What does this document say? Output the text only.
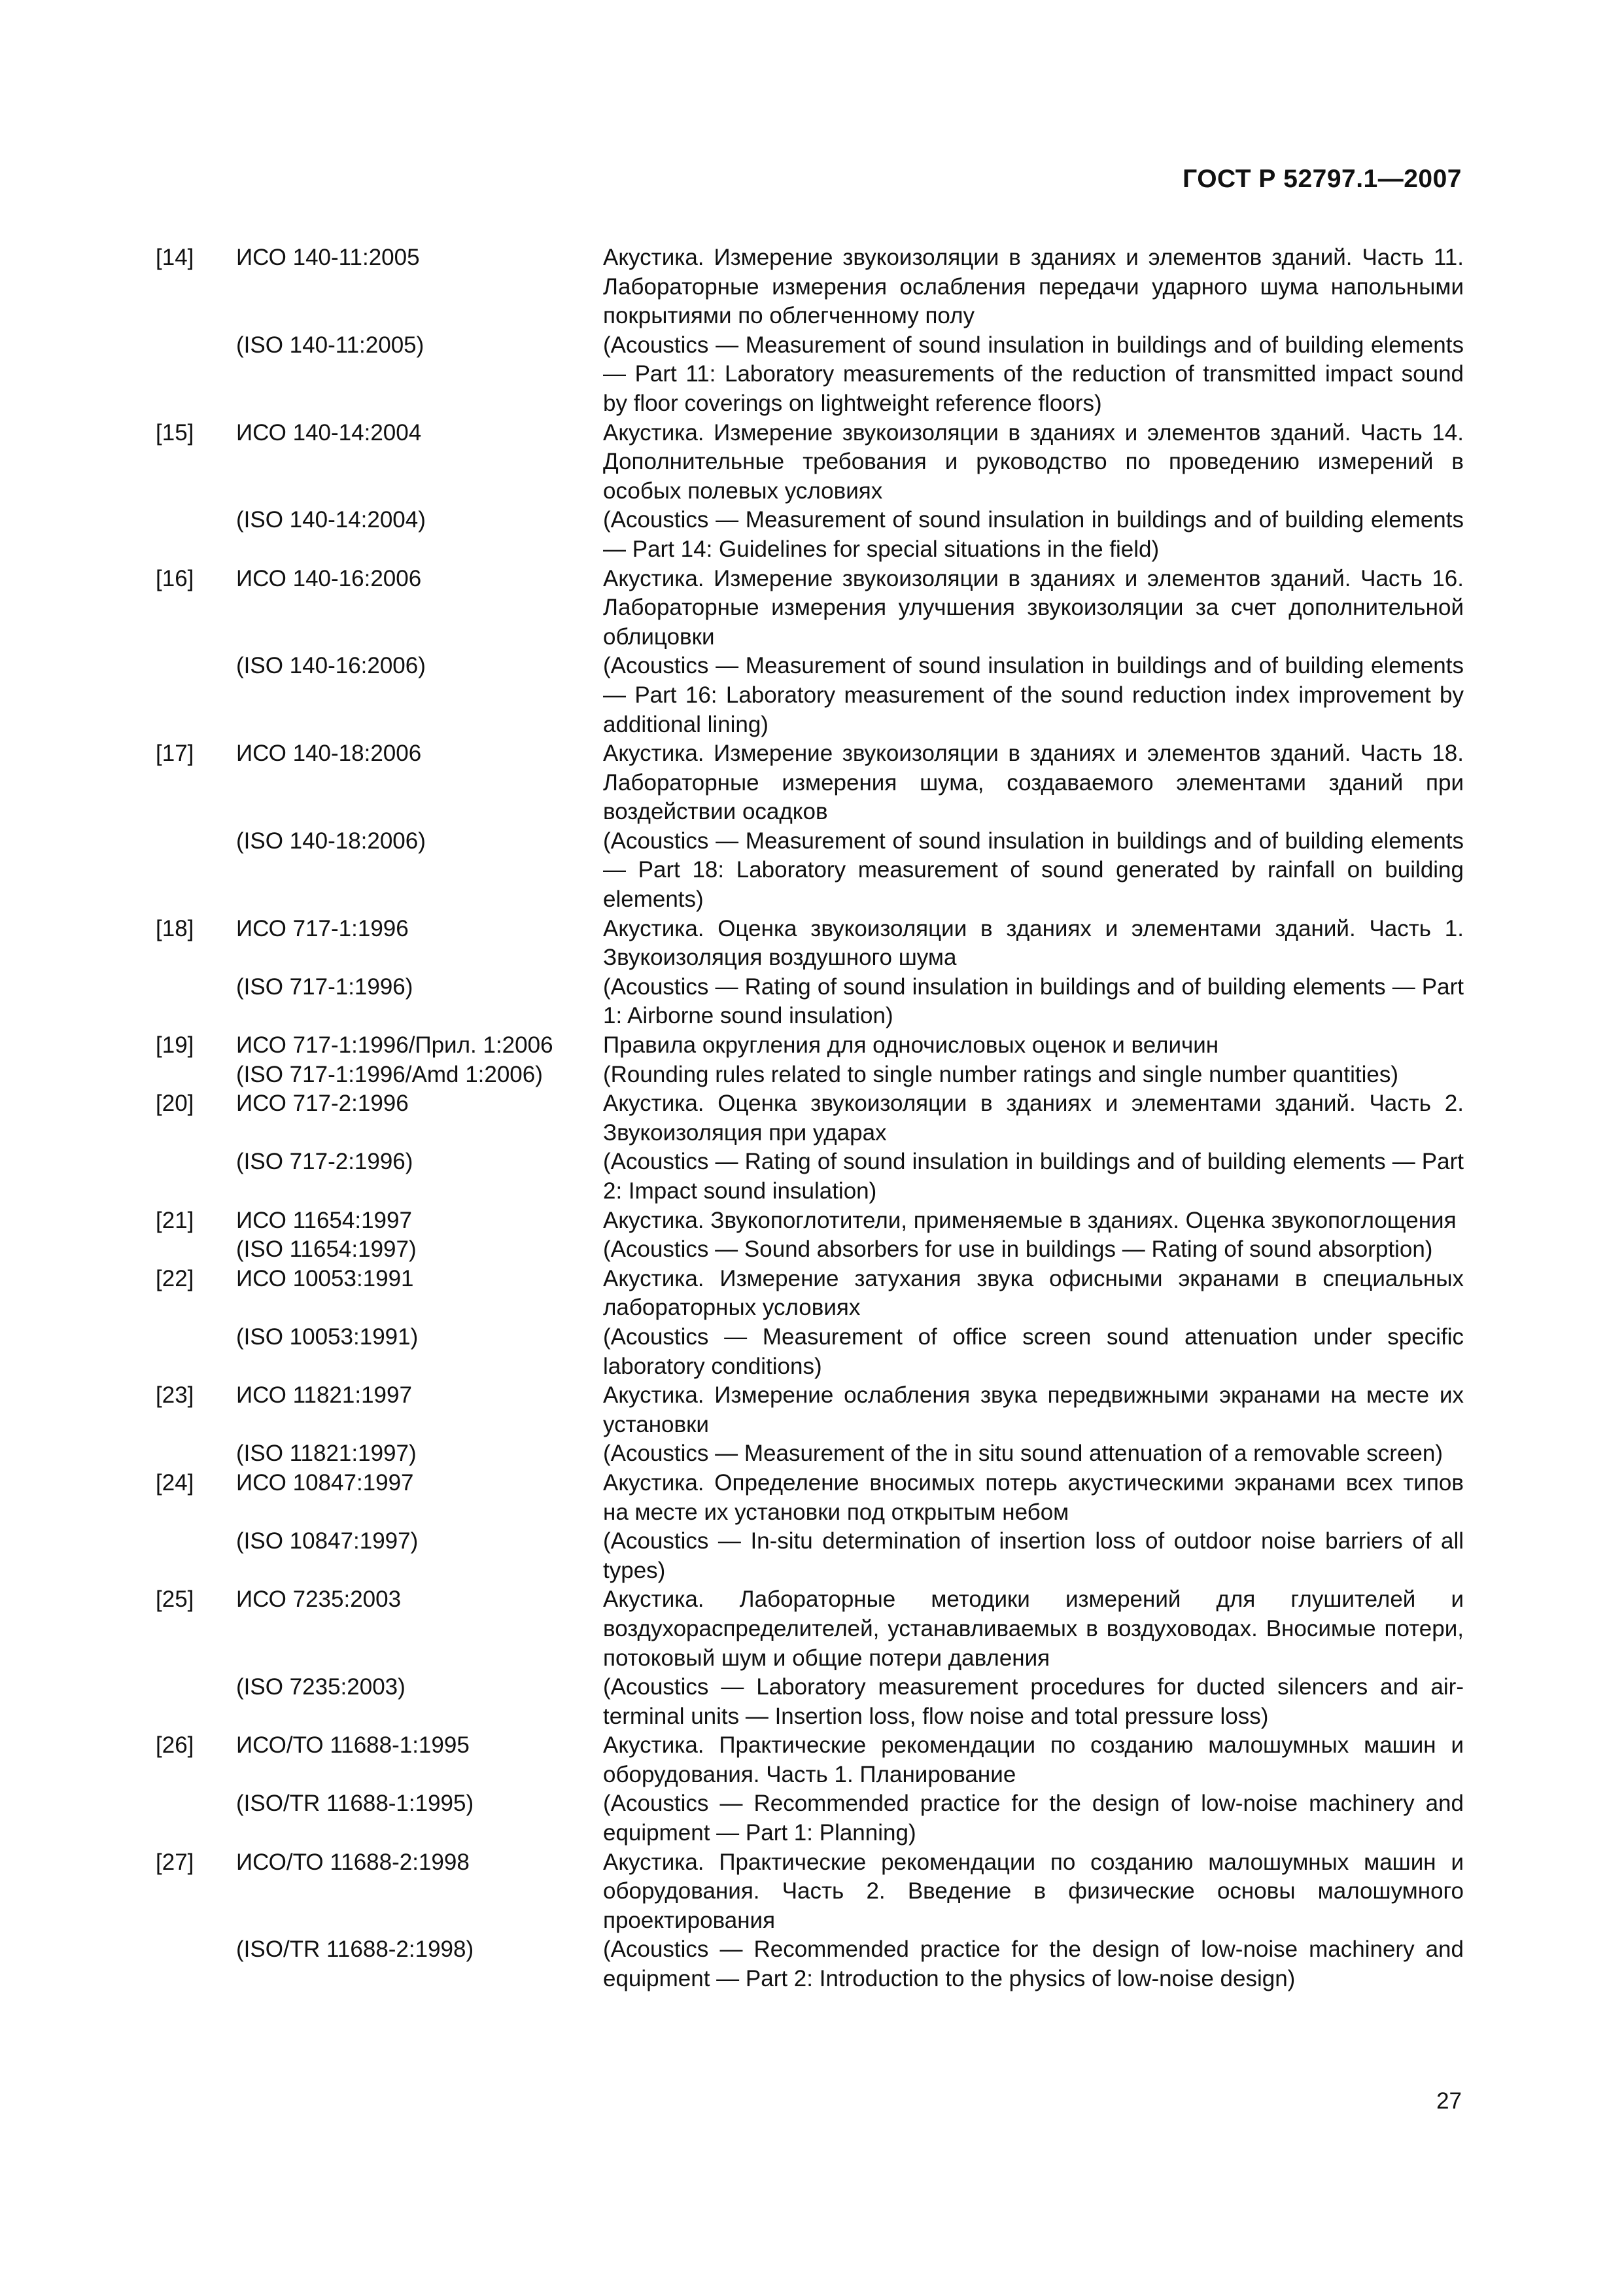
ГОСТ Р 52797.1—2007
[14]	ИСО 140-11:2005	Акустика. Измерение звукоизоляции в зданиях и элементов зданий. Часть 11. Лабораторные измерения ослабления передачи ударного шума напольными покрытиями по облегченному полу
(ISO 140-11:2005)	(Acoustics — Measurement of sound insulation in buildings and of building elements — Part 11: Laboratory measurements of the reduction of transmitted impact sound by floor coverings on lightweight reference floors)
[15]	ИСО 140-14:2004	Акустика. Измерение звукоизоляции в зданиях и элементов зданий. Часть 14. Дополнительные требования и руководство по проведению измерений в особых полевых условиях
(ISO 140-14:2004)	(Acoustics — Measurement of sound insulation in buildings and of building elements — Part 14: Guidelines for special situations in the field)
[16]	ИСО 140-16:2006	Акустика. Измерение звукоизоляции в зданиях и элементов зданий. Часть 16. Лабораторные измерения улучшения звукоизоляции за счет дополнительной облицовки
(ISO 140-16:2006)	(Acoustics — Measurement of sound insulation in buildings and of building elements — Part 16: Laboratory measurement of the sound reduction index improvement by additional lining)
[17]	ИСО 140-18:2006	Акустика. Измерение звукоизоляции в зданиях и элементов зданий. Часть 18. Лабораторные измерения шума, создаваемого элементами зданий при воздействии осадков
(ISO 140-18:2006)	(Acoustics — Measurement of sound insulation in buildings and of building elements — Part 18: Laboratory measurement of sound generated by rainfall on building elements)
[18]	ИСО 717-1:1996	Акустика. Оценка звукоизоляции в зданиях и элементами зданий. Часть 1. Звукоизоляция воздушного шума
(ISO 717-1:1996)	(Acoustics — Rating of sound insulation in buildings and of building elements — Part 1: Airborne sound insulation)
[19]	ИСО 717-1:1996/Прил. 1:2006	Правила округления для одночисловых оценок и величин
(ISO 717-1:1996/Amd 1:2006)	(Rounding rules related to single number ratings and single number quantities)
[20]	ИСО 717-2:1996	Акустика. Оценка звукоизоляции в зданиях и элементами зданий. Часть 2. Звукоизоляция при ударах
(ISO 717-2:1996)	(Acoustics — Rating of sound insulation in buildings and of building elements — Part 2: Impact sound insulation)
[21]	ИСО 11654:1997	Акустика. Звукопоглотители, применяемые в зданиях. Оценка звукопоглощения
(ISO 11654:1997)	(Acoustics — Sound absorbers for use in buildings — Rating of sound absorption)
[22]	ИСО 10053:1991	Акустика. Измерение затухания звука офисными экранами в специальных лабораторных условиях
(ISO 10053:1991)	(Acoustics — Measurement of office screen sound attenuation under specific laboratory conditions)
[23]	ИСО 11821:1997	Акустика. Измерение ослабления звука передвижными экранами на месте их установки
(ISO 11821:1997)	(Acoustics — Measurement of the in situ sound attenuation of a removable screen)
[24]	ИСО 10847:1997	Акустика. Определение вносимых потерь акустическими экранами всех типов на месте их установки под открытым небом
(ISO 10847:1997)	(Acoustics — In-situ determination of insertion loss of outdoor noise barriers of all types)
[25]	ИСО 7235:2003	Акустика. Лабораторные методики измерений для глушителей и воздухораспределителей, устанавливаемых в воздуховодах. Вносимые потери, потоковый шум и общие потери давления
(ISO 7235:2003)	(Acoustics — Laboratory measurement procedures for ducted silencers and air-terminal units — Insertion loss, flow noise and total pressure loss)
[26]	ИСО/ТО 11688-1:1995	Акустика. Практические рекомендации по созданию малошумных машин и оборудования. Часть 1. Планирование
(ISO/TR 11688-1:1995)	(Acoustics — Recommended practice for the design of low-noise machinery and equipment — Part 1: Planning)
[27]	ИСО/ТО 11688-2:1998	Акустика. Практические рекомендации по созданию малошумных машин и оборудования. Часть 2. Введение в физические основы малошумного проектирования
(ISO/TR 11688-2:1998)	(Acoustics — Recommended practice for the design of low-noise machinery and equipment — Part 2: Introduction to the physics of low-noise design)
27
